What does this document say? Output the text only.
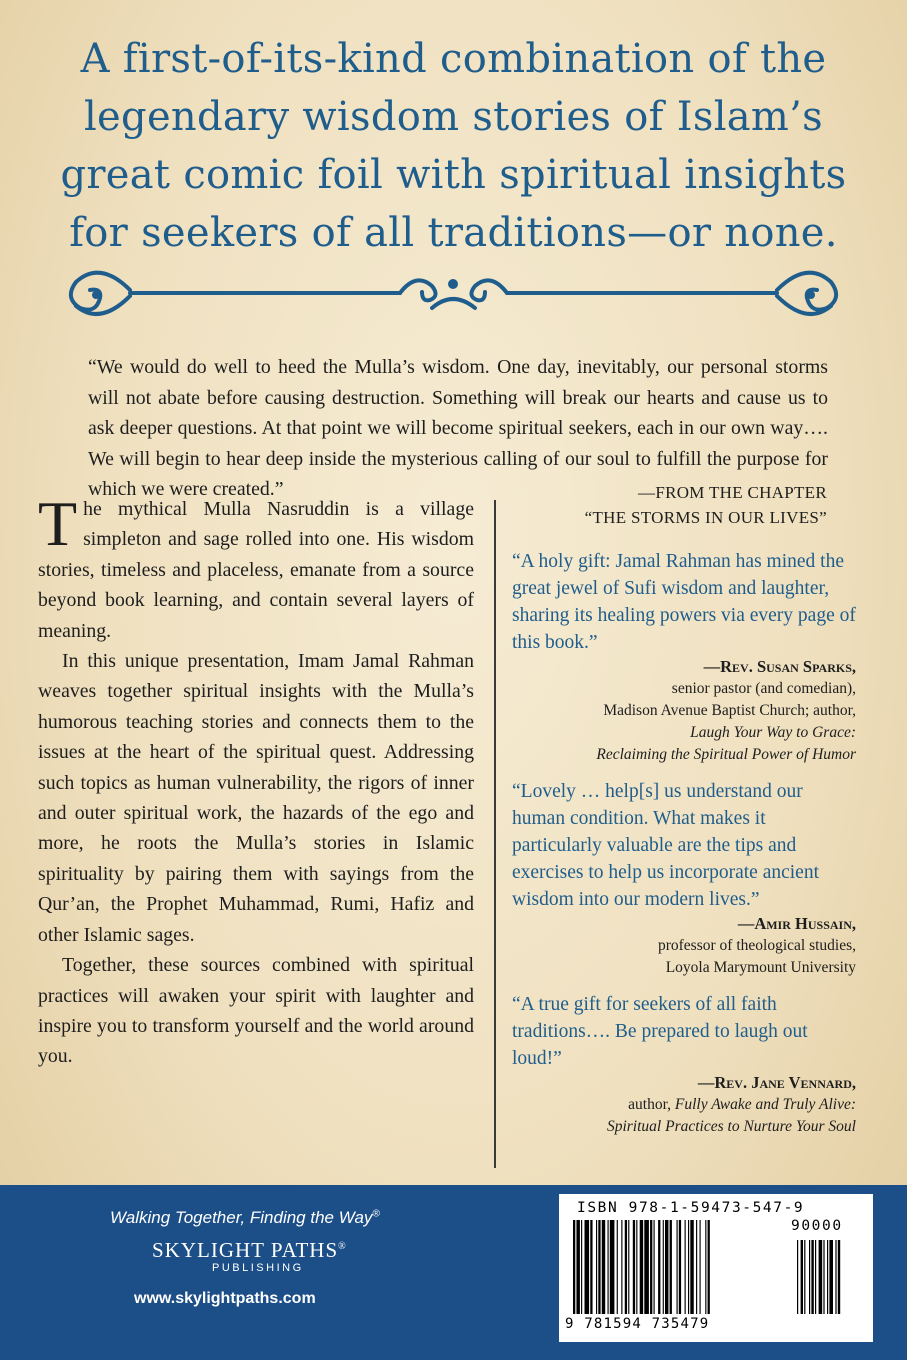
A first-of-its-kind combination of the
legendary wisdom stories of Islam’s
great comic foil with spiritual insights
for seekers of all traditions—or none.
“We would do well to heed the Mulla’s wisdom. One day, inevitably, our personal storms will not abate before causing destruction. Something will break our hearts and cause us to ask deeper questions. At that point we will become spiritual seekers, each in our own way…. We will begin to hear deep inside the mysterious calling of our soul to fulfill the purpose for which we were created.”	—FROM THE CHAPTER
“THE STORMS IN OUR LIVES”

The mythical Mulla Nasruddin is a village simpleton and sage rolled into one. His wisdom stories, timeless and placeless, emanate from a source beyond book learning, and contain several layers of meaning.

In this unique presentation, Imam Jamal Rahman weaves together spiritual insights with the Mulla’s humorous teaching stories and connects them to the issues at the heart of the spiritual quest. Addressing such topics as human vulnerability, the rigors of inner and outer spiritual work, the hazards of the ego and more, he roots the Mulla’s stories in Islamic spirituality by pairing them with sayings from the Qur’an, the Prophet Muhammad, Rumi, Hafiz and other Islamic sages.

Together, these sources combined with spiritual practices will awaken your spirit with laughter and inspire you to transform yourself and the world around you.

“A holy gift: Jamal Rahman has mined the great jewel of Sufi wisdom and laughter, sharing its healing powers via every page of this book.”
—Rev. Susan Sparks,
senior pastor (and comedian),
Madison Avenue Baptist Church; author,
Laugh Your Way to Grace:
Reclaiming the Spiritual Power of Humor
“Lovely … help[s] us understand our human condition. What makes it particularly valuable are the tips and exercises to help us incorporate ancient wisdom into our modern lives.”
—Amir Hussain,
professor of theological studies,
Loyola Marymount University
“A true gift for seekers of all faith traditions…. Be prepared to laugh out loud!”
—Rev. Jane Vennard,
author, Fully Awake and Truly Alive:
Spiritual Practices to Nurture Your Soul
Walking Together, Finding the Way®
SKYLIGHT PATHS®
PUBLISHING
www.skylightpaths.com
ISBN 978-1-59473-547-9
90000
9 781594 735479
